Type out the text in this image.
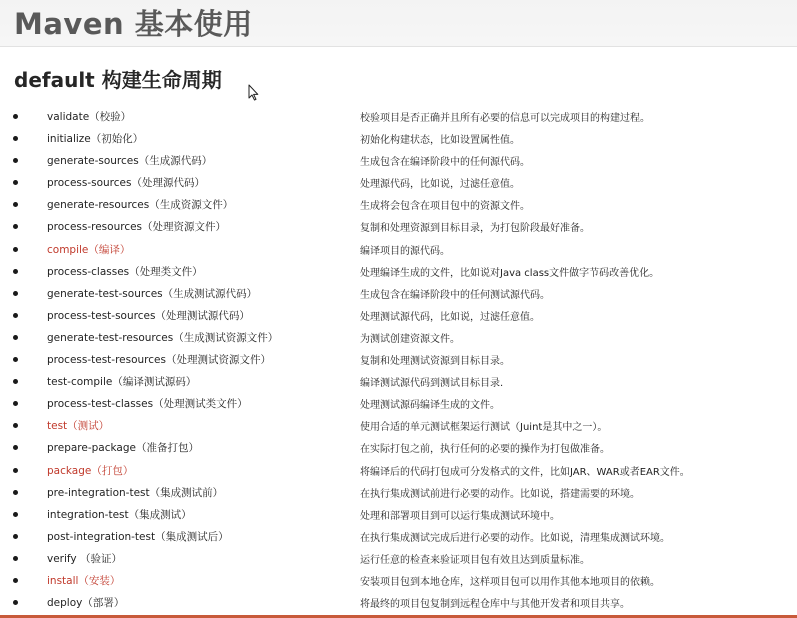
Maven 基本使用
default 构建生命周期
validate（校验）	校验项目是否正确并且所有必要的信息可以完成项目的构建过程。
initialize（初始化）	初始化构建状态，比如设置属性值。
generate-sources（生成源代码）	生成包含在编译阶段中的任何源代码。
process-sources（处理源代码）	处理源代码，比如说，过滤任意值。
generate-resources（生成资源文件）	生成将会包含在项目包中的资源文件。
process-resources（处理资源文件）	复制和处理资源到目标目录，为打包阶段最好准备。
compile（编译）	编译项目的源代码。
process-classes（处理类文件）	处理编译生成的文件，比如说对Java class文件做字节码改善优化。
generate-test-sources（生成测试源代码）	生成包含在编译阶段中的任何测试源代码。
process-test-sources（处理测试源代码）	处理测试源代码，比如说，过滤任意值。
generate-test-resources（生成测试资源文件）	为测试创建资源文件。
process-test-resources（处理测试资源文件）	复制和处理测试资源到目标目录。
test-compile（编译测试源码）	编译测试源代码到测试目标目录.
process-test-classes（处理测试类文件）	处理测试源码编译生成的文件。
test（测试）	使用合适的单元测试框架运行测试（Juint是其中之一）。
prepare-package（准备打包）	在实际打包之前，执行任何的必要的操作为打包做准备。
package（打包）	将编译后的代码打包成可分发格式的文件，比如JAR、WAR或者EAR文件。
pre-integration-test（集成测试前）	在执行集成测试前进行必要的动作。比如说，搭建需要的环境。
integration-test（集成测试）	处理和部署项目到可以运行集成测试环境中。
post-integration-test（集成测试后）	在执行集成测试完成后进行必要的动作。比如说，清理集成测试环境。
verify （验证）	运行任意的检查来验证项目包有效且达到质量标准。
install（安装）	安装项目包到本地仓库，这样项目包可以用作其他本地项目的依赖。
deploy（部署）	将最终的项目包复制到远程仓库中与其他开发者和项目共享。
